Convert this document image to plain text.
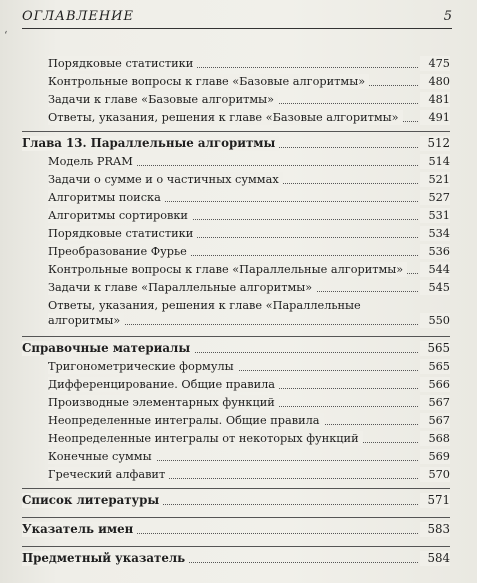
ʻ
ОГЛАВЛЕНИЕ	5
Порядковые статистики	475
Контрольные вопросы к главе «Базовые алгоритмы»	480
Задачи к главе «Базовые алгоритмы»	481
Ответы, указания, решения к главе «Базовые алгоритмы»	491
Глава 13. Параллельные алгоритмы	512
Модель PRAM	514
Задачи о сумме и о частичных суммах	521
Алгоритмы поиска	527
Алгоритмы сортировки	531
Порядковые статистики	534
Преобразование Фурье	536
Контрольные вопросы к главе «Параллельные алгоритмы»	544
Задачи к главе «Параллельные алгоритмы»	545
Ответы, указания, решения к главе «Параллельные
алгоритмы»	550
Справочные материалы	565
Тригонометрические формулы	565
Дифференцирование. Общие правила	566
Производные элементарных функций	567
Неопределенные интегралы. Общие правила	567
Неопределенные интегралы от некоторых функций	568
Конечные суммы	569
Греческий алфавит	570
Список литературы	571
Указатель имен	583
Предметный указатель	584
